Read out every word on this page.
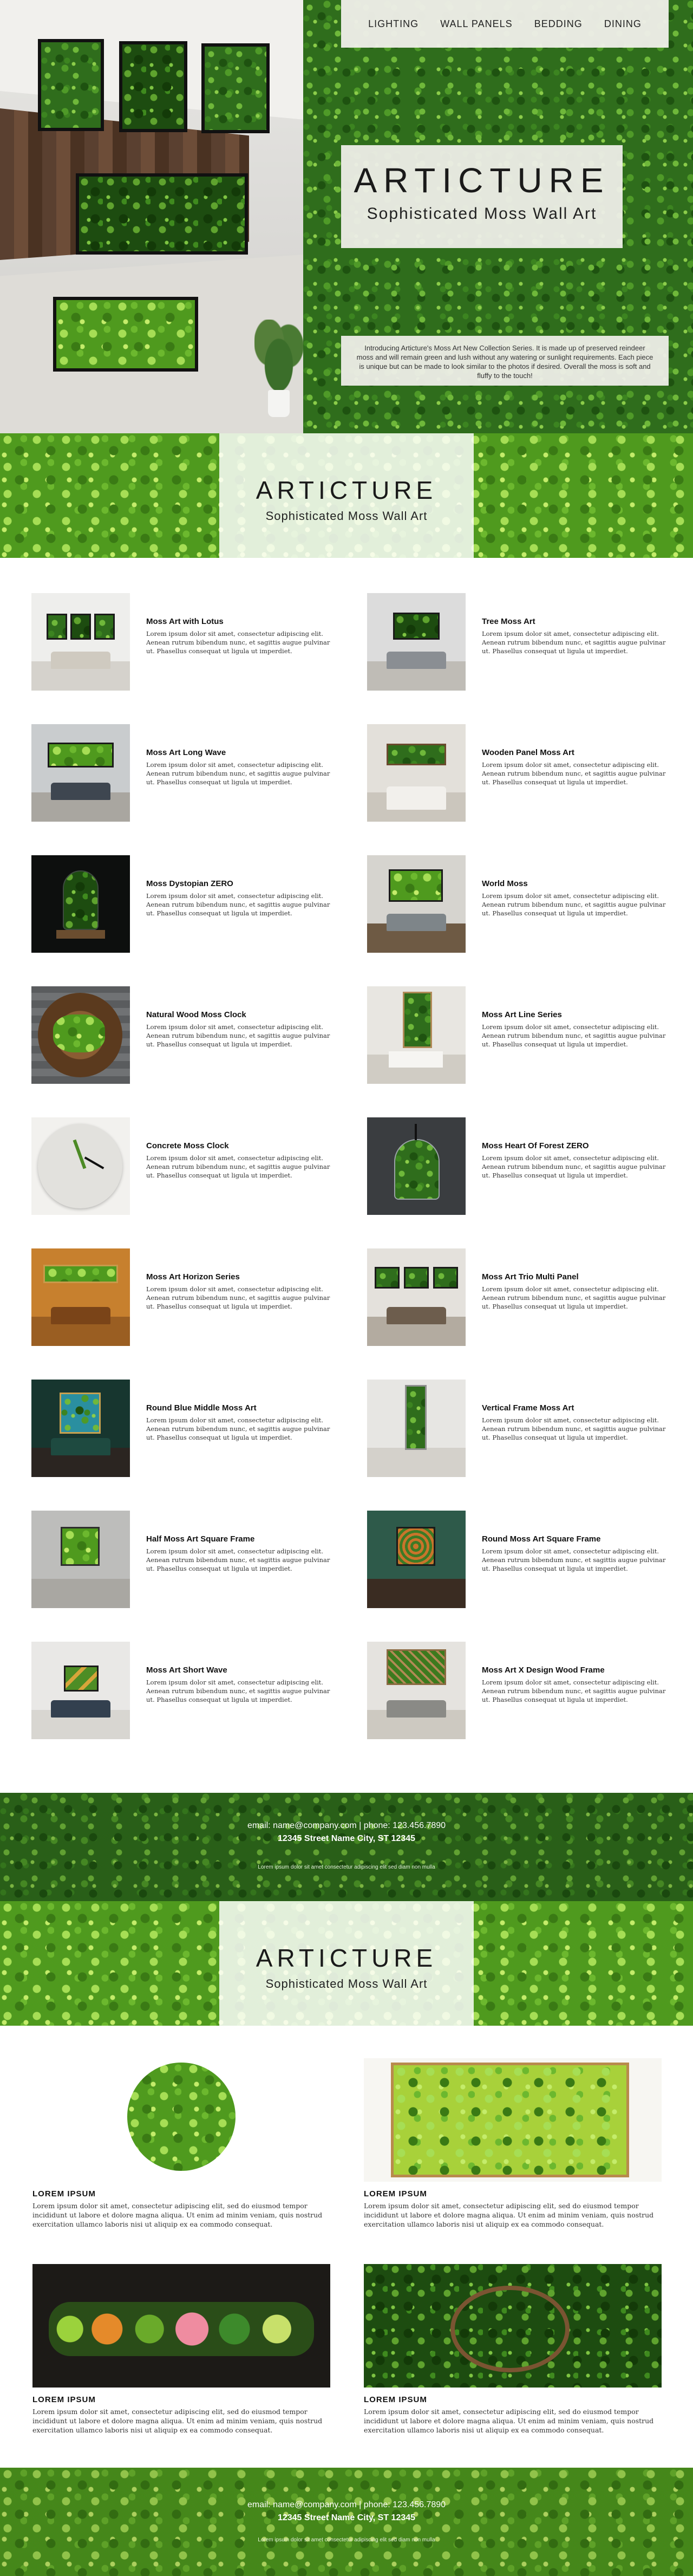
LIGHTING WALL PANELS BEDDING DINING
ARTICTURE

Sophisticated Moss Wall Art

Introducing Articture's Moss Art New Collection Series. It is made up of preserved reindeer moss and will remain green and lush without any watering or sunlight requirements. Each piece is unique but can be made to look similar to the photos if desired. Overall the moss is soft and fluffy to the touch!
ARTICTURE

Sophisticated Moss Wall Art

Moss Art with Lotus

Lorem ipsum dolor sit amet, consectetur adipiscing elit. Aenean rutrum bibendum nunc, et sagittis augue pulvinar ut. Phasellus consequat ut ligula ut imperdiet.

Tree Moss Art

Lorem ipsum dolor sit amet, consectetur adipiscing elit. Aenean rutrum bibendum nunc, et sagittis augue pulvinar ut. Phasellus consequat ut ligula ut imperdiet.

Moss Art Long Wave

Lorem ipsum dolor sit amet, consectetur adipiscing elit. Aenean rutrum bibendum nunc, et sagittis augue pulvinar ut. Phasellus consequat ut ligula ut imperdiet.

Wooden Panel Moss Art

Lorem ipsum dolor sit amet, consectetur adipiscing elit. Aenean rutrum bibendum nunc, et sagittis augue pulvinar ut. Phasellus consequat ut ligula ut imperdiet.

Moss Dystopian ZERO

Lorem ipsum dolor sit amet, consectetur adipiscing elit. Aenean rutrum bibendum nunc, et sagittis augue pulvinar ut. Phasellus consequat ut ligula ut imperdiet.

World Moss

Lorem ipsum dolor sit amet, consectetur adipiscing elit. Aenean rutrum bibendum nunc, et sagittis augue pulvinar ut. Phasellus consequat ut ligula ut imperdiet.

Natural Wood Moss Clock

Lorem ipsum dolor sit amet, consectetur adipiscing elit. Aenean rutrum bibendum nunc, et sagittis augue pulvinar ut. Phasellus consequat ut ligula ut imperdiet.

Moss Art Line Series

Lorem ipsum dolor sit amet, consectetur adipiscing elit. Aenean rutrum bibendum nunc, et sagittis augue pulvinar ut. Phasellus consequat ut ligula ut imperdiet.

Concrete Moss Clock

Lorem ipsum dolor sit amet, consectetur adipiscing elit. Aenean rutrum bibendum nunc, et sagittis augue pulvinar ut. Phasellus consequat ut ligula ut imperdiet.

Moss Heart Of Forest ZERO

Lorem ipsum dolor sit amet, consectetur adipiscing elit. Aenean rutrum bibendum nunc, et sagittis augue pulvinar ut. Phasellus consequat ut ligula ut imperdiet.

Moss Art Horizon Series

Lorem ipsum dolor sit amet, consectetur adipiscing elit. Aenean rutrum bibendum nunc, et sagittis augue pulvinar ut. Phasellus consequat ut ligula ut imperdiet.

Moss Art Trio Multi Panel

Lorem ipsum dolor sit amet, consectetur adipiscing elit. Aenean rutrum bibendum nunc, et sagittis augue pulvinar ut. Phasellus consequat ut ligula ut imperdiet.

Round Blue Middle Moss Art

Lorem ipsum dolor sit amet, consectetur adipiscing elit. Aenean rutrum bibendum nunc, et sagittis augue pulvinar ut. Phasellus consequat ut ligula ut imperdiet.

Vertical Frame Moss Art

Lorem ipsum dolor sit amet, consectetur adipiscing elit. Aenean rutrum bibendum nunc, et sagittis augue pulvinar ut. Phasellus consequat ut ligula ut imperdiet.

Half Moss Art Square Frame

Lorem ipsum dolor sit amet, consectetur adipiscing elit. Aenean rutrum bibendum nunc, et sagittis augue pulvinar ut. Phasellus consequat ut ligula ut imperdiet.

Round Moss Art Square Frame

Lorem ipsum dolor sit amet, consectetur adipiscing elit. Aenean rutrum bibendum nunc, et sagittis augue pulvinar ut. Phasellus consequat ut ligula ut imperdiet.

Moss Art Short Wave

Lorem ipsum dolor sit amet, consectetur adipiscing elit. Aenean rutrum bibendum nunc, et sagittis augue pulvinar ut. Phasellus consequat ut ligula ut imperdiet.

Moss Art X Design Wood Frame

Lorem ipsum dolor sit amet, consectetur adipiscing elit. Aenean rutrum bibendum nunc, et sagittis augue pulvinar ut. Phasellus consequat ut ligula ut imperdiet.

email: name@company.com | phone: 123.456.7890
12345 Street Name City, ST 12345
Lorem ipsum dolor sit amet consectetur adipiscing elit sed diam non mulla
ARTICTURE

Sophisticated Moss Wall Art

LOREM IPSUM

Lorem ipsum dolor sit amet, consectetur adipiscing elit, sed do eiusmod tempor incididunt ut labore et dolore magna aliqua. Ut enim ad minim veniam, quis nostrud exercitation ullamco laboris nisi ut aliquip ex ea commodo consequat.

LOREM IPSUM

Lorem ipsum dolor sit amet, consectetur adipiscing elit, sed do eiusmod tempor incididunt ut labore et dolore magna aliqua. Ut enim ad minim veniam, quis nostrud exercitation ullamco laboris nisi ut aliquip ex ea commodo consequat.

LOREM IPSUM

Lorem ipsum dolor sit amet, consectetur adipiscing elit, sed do eiusmod tempor incididunt ut labore et dolore magna aliqua. Ut enim ad minim veniam, quis nostrud exercitation ullamco laboris nisi ut aliquip ex ea commodo consequat.

LOREM IPSUM

Lorem ipsum dolor sit amet, consectetur adipiscing elit, sed do eiusmod tempor incididunt ut labore et dolore magna aliqua. Ut enim ad minim veniam, quis nostrud exercitation ullamco laboris nisi ut aliquip ex ea commodo consequat.

email: name@company.com | phone: 123.456.7890
12345 Street Name City, ST 12345
Lorem ipsum dolor sit amet consectetur adipiscing elit sed diam non mulla
